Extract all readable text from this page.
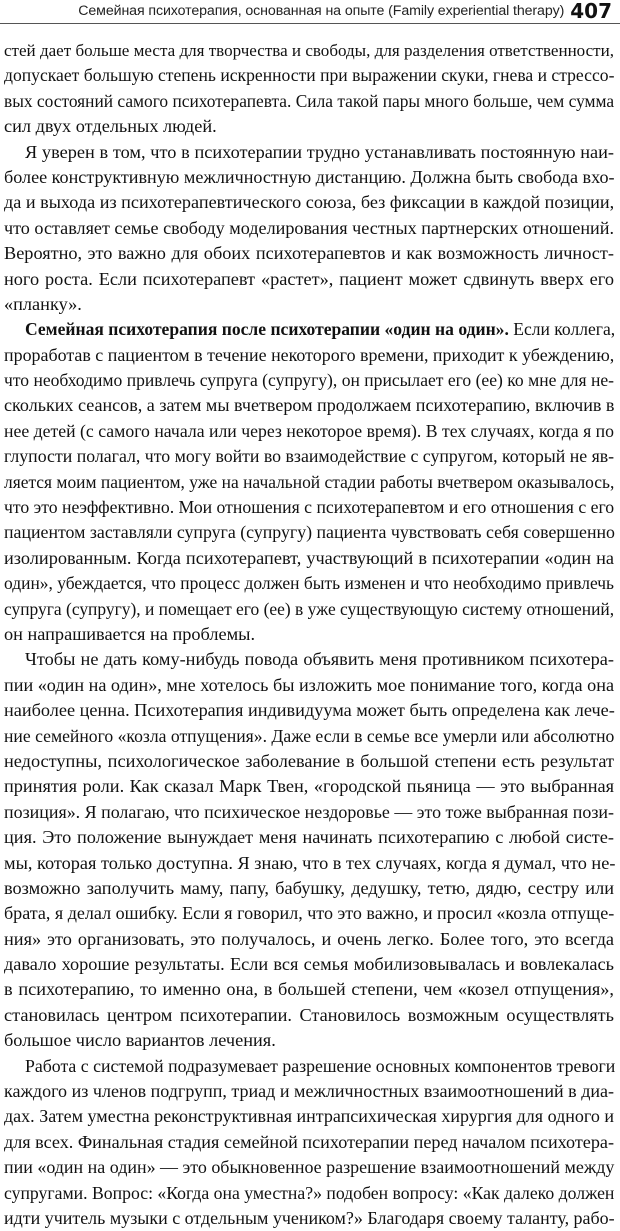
Семейная психотерапия, основанная на опыте (Family experiential therapy) 407
стей дает больше места для творчества и свободы, для разделения ответственности,
допускает большую степень искренности при выражении скуки, гнева и стрессо-
вых состояний самого психотерапевта. Сила такой пары много больше, чем сумма
сил двух отдельных людей.
Я уверен в том, что в психотерапии трудно устанавливать постоянную наи-
более конструктивную межличностную дистанцию. Должна быть свобода вхо-
да и выхода из психотерапевтического союза, без фиксации в каждой позиции,
что оставляет семье свободу моделирования честных партнерских отношений.
Вероятно, это важно для обоих психотерапевтов и как возможность личност-
ного роста. Если психотерапевт «растет», пациент может сдвинуть вверх его
«планку».
Семейная психотерапия после психотерапии «один на один». Если коллега,
проработав с пациентом в течение некоторого времени, приходит к убеждению,
что необходимо привлечь супруга (супругу), он присылает его (ее) ко мне для не-
скольких сеансов, а затем мы вчетвером продолжаем психотерапию, включив в
нее детей (с самого начала или через некоторое время). В тех случаях, когда я по
глупости полагал, что могу войти во взаимодействие с супругом, который не яв-
ляется моим пациентом, уже на начальной стадии работы вчетвером оказывалось,
что это неэффективно. Мои отношения с психотерапевтом и его отношения с его
пациентом заставляли супруга (супругу) пациента чувствовать себя совершенно
изолированным. Когда психотерапевт, участвующий в психотерапии «один на
один», убеждается, что процесс должен быть изменен и что необходимо привлечь
супруга (супругу), и помещает его (ее) в уже существующую систему отношений,
он напрашивается на проблемы.
Чтобы не дать кому-нибудь повода объявить меня противником психотера-
пии «один на один», мне хотелось бы изложить мое понимание того, когда она
наиболее ценна. Психотерапия индивидуума может быть определена как лече-
ние семейного «козла отпущения». Даже если в семье все умерли или абсолютно
недоступны, психологическое заболевание в большой степени есть результат
принятия роли. Как сказал Марк Твен, «городской пьяница — это выбранная
позиция». Я полагаю, что психическое нездоровье — это тоже выбранная пози-
ция. Это положение вынуждает меня начинать психотерапию с любой систе-
мы, которая только доступна. Я знаю, что в тех случаях, когда я думал, что не-
возможно заполучить маму, папу, бабушку, дедушку, тетю, дядю, сестру или
брата, я делал ошибку. Если я говорил, что это важно, и просил «козла отпуще-
ния» это организовать, это получалось, и очень легко. Более того, это всегда
давало хорошие результаты. Если вся семья мобилизовывалась и вовлекалась
в психотерапию, то именно она, в большей степени, чем «козел отпущения»,
становилась центром психотерапии. Становилось возможным осуществлять
большое число вариантов лечения.
Работа с системой подразумевает разрешение основных компонентов тревоги
каждого из членов подгрупп, триад и межличностных взаимоотношений в диа-
дах. Затем уместна реконструктивная интрапсихическая хирургия для одного и
для всех. Финальная стадия семейной психотерапии перед началом психотера-
пии «один на один» — это обыкновенное разрешение взаимоотношений между
супругами. Вопрос: «Когда она уместна?» подобен вопросу: «Как далеко должен
идти учитель музыки с отдельным учеником?» Благодаря своему таланту, рабо-
